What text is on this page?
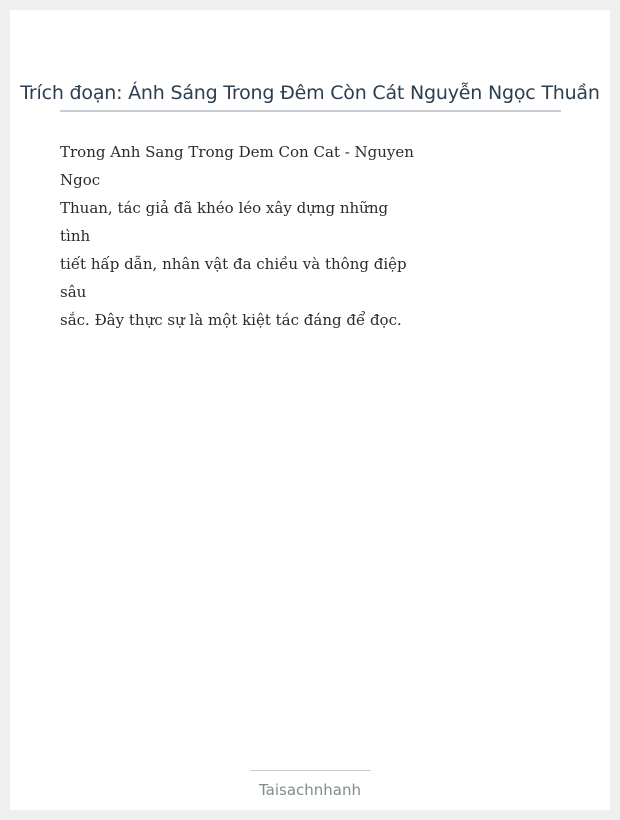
Trích đoạn: Ánh Sáng Trong Đêm Còn Cát Nguyễn Ngọc Thuần
Trong Anh Sang Trong Dem Con Cat - Nguyen
Ngoc
Thuan, tác giả đã khéo léo xây dựng những
tình
tiết hấp dẫn, nhân vật đa chiều và thông điệp
sâu
sắc. Đây thực sự là một kiệt tác đáng để đọc.
Taisachnhanh
